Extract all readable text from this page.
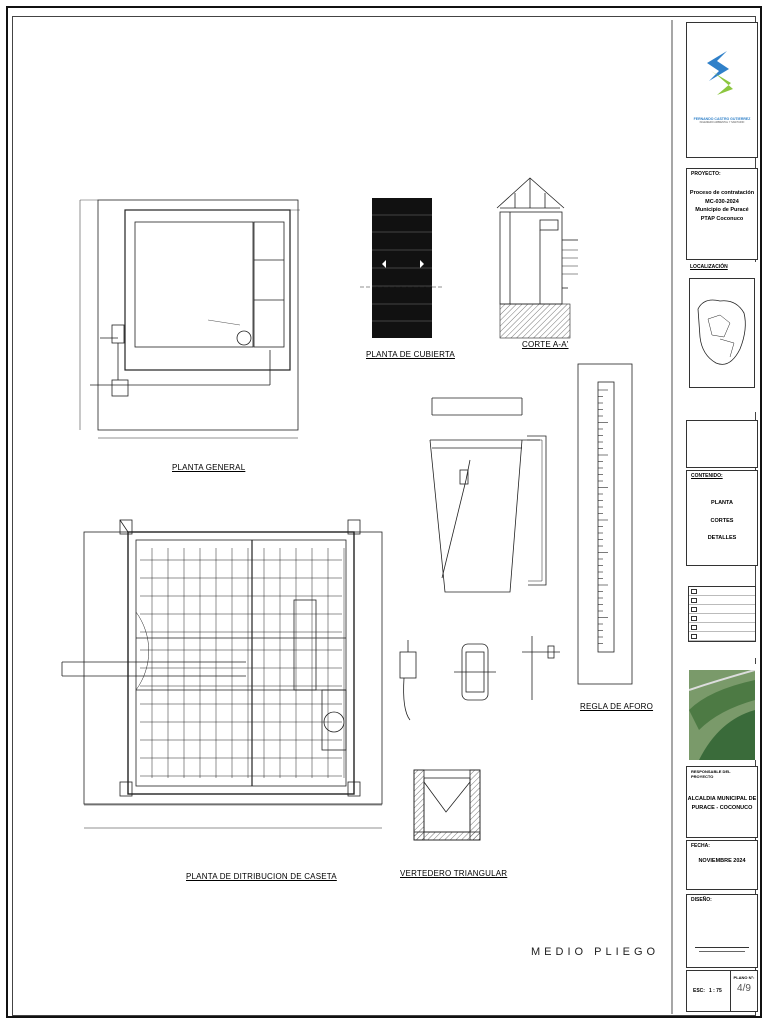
PLANTA GENERAL
PLANTA DE CUBIERTA
CORTE A-A'
REGLA DE AFORO
PLANTA DE DITRIBUCION DE CASETA	VERTEDERO TRIANGULAR
MEDIO PLIEGO
FERNANDO CASTRO GUTIERREZ
INGENIERO AMBIENTAL Y SANITARIO
PROYECTO:
Proceso de contratación
MC-030-2024
Municipio de Puracé
PTAP Coconuco
LOCALIZACIÓN
CONTENIDO:
PLANTA
CORTES
DETALLES
RESPONSABLE DEL PROYECTO
ALCALDIA MUNICIPAL DE
PURACE - COCONUCO
FECHA:
NOVIEMBRE 2024
DISEÑO:
ESC: 1 : 75
PLANO N°:
4/9
